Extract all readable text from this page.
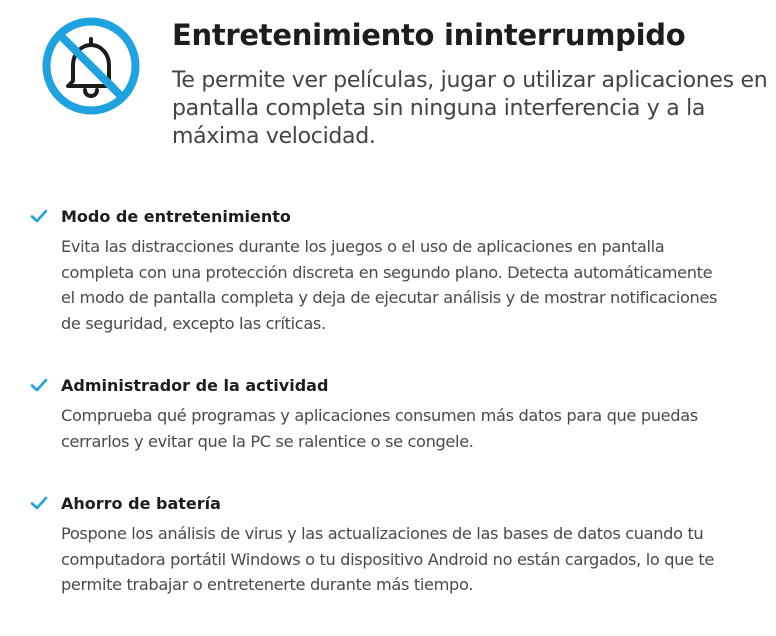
Entretenimiento ininterrumpido

Te permite ver películas, jugar o utilizar aplicaciones en pantalla completa sin ninguna interferencia y a la máxima velocidad.

Modo de entretenimiento

Evita las distracciones durante los juegos o el uso de aplicaciones en pantalla completa con una protección discreta en segundo plano. Detecta automáticamente el modo de pantalla completa y deja de ejecutar análisis y de mostrar notificaciones de seguridad, excepto las críticas.

Administrador de la actividad

Comprueba qué programas y aplicaciones consumen más datos para que puedas cerrarlos y evitar que la PC se ralentice o se congele.

Ahorro de batería

Pospone los análisis de virus y las actualizaciones de las bases de datos cuando tu computadora portátil Windows o tu dispositivo Android no están cargados, lo que te permite trabajar o entretenerte durante más tiempo.
